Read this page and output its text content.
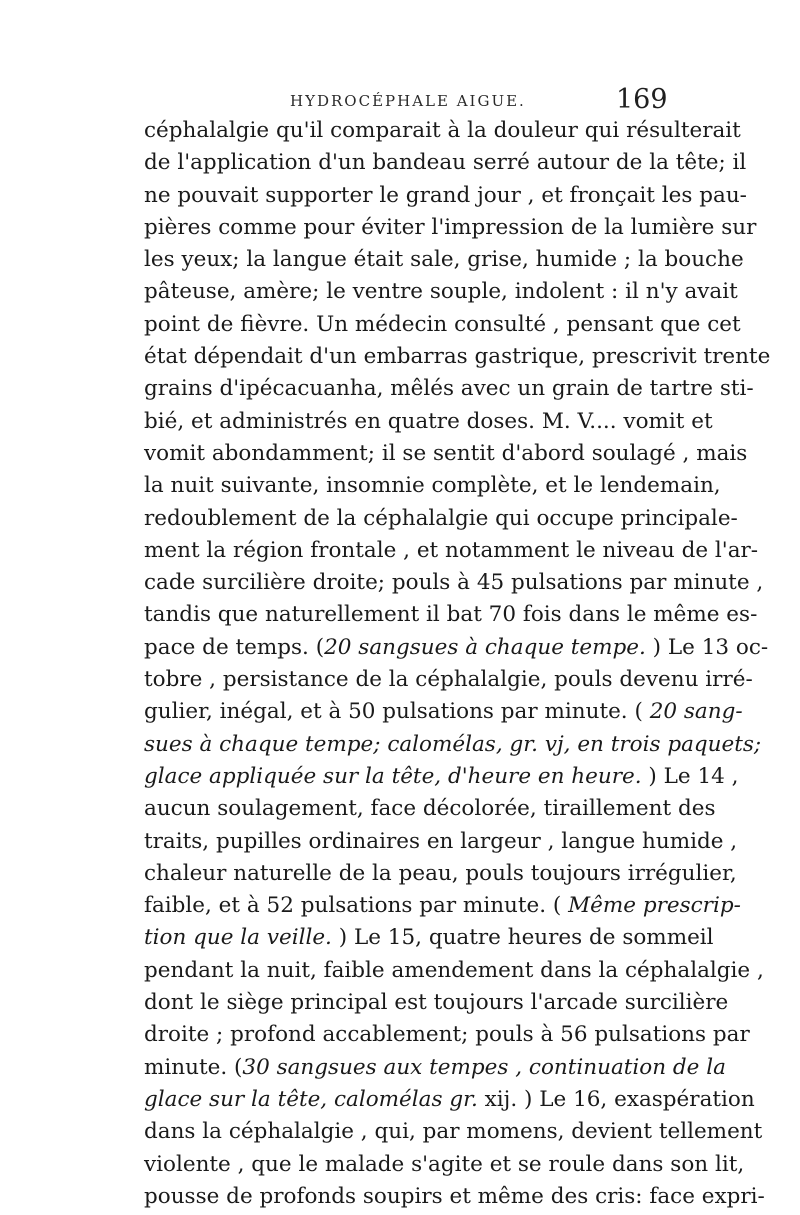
HYDROCÉPHALE AIGUE.	169
céphalalgie qu'il comparait à la douleur qui résulterait
de l'application d'un bandeau serré autour de la tête; il
ne pouvait supporter le grand jour , et fronçait les pau-
pières comme pour éviter l'impression de la lumière sur
les yeux; la langue était sale, grise, humide ; la bouche
pâteuse, amère; le ventre souple, indolent : il n'y avait
point de fièvre. Un médecin consulté , pensant que cet
état dépendait d'un embarras gastrique, prescrivit trente
grains d'ipécacuanha, mêlés avec un grain de tartre sti-
bié, et administrés en quatre doses. M. V.... vomit et
vomit abondamment; il se sentit d'abord soulagé , mais
la nuit suivante, insomnie complète, et le lendemain,
redoublement de la céphalalgie qui occupe principale-
ment la région frontale , et notamment le niveau de l'ar-
cade surcilière droite; pouls à 45 pulsations par minute ,
tandis que naturellement il bat 70 fois dans le même es-
pace de temps. (20 sangsues à chaque tempe. ) Le 13 oc-
tobre , persistance de la céphalalgie, pouls devenu irré-
gulier, inégal, et à 50 pulsations par minute. ( 20 sang-
sues à chaque tempe; calomélas, gr. vj, en trois paquets;
glace appliquée sur la tête, d'heure en heure. ) Le 14 ,
aucun soulagement, face décolorée, tiraillement des
traits, pupilles ordinaires en largeur , langue humide ,
chaleur naturelle de la peau, pouls toujours irrégulier,
faible, et à 52 pulsations par minute. ( Même prescrip-
tion que la veille. ) Le 15, quatre heures de sommeil
pendant la nuit, faible amendement dans la céphalalgie ,
dont le siège principal est toujours l'arcade surcilière
droite ; profond accablement; pouls à 56 pulsations par
minute. (30 sangsues aux tempes , continuation de la
glace sur la tête, calomélas gr. xij. ) Le 16, exaspération
dans la céphalalgie , qui, par momens, devient tellement
violente , que le malade s'agite et se roule dans son lit,
pousse de profonds soupirs et même des cris: face expri-
